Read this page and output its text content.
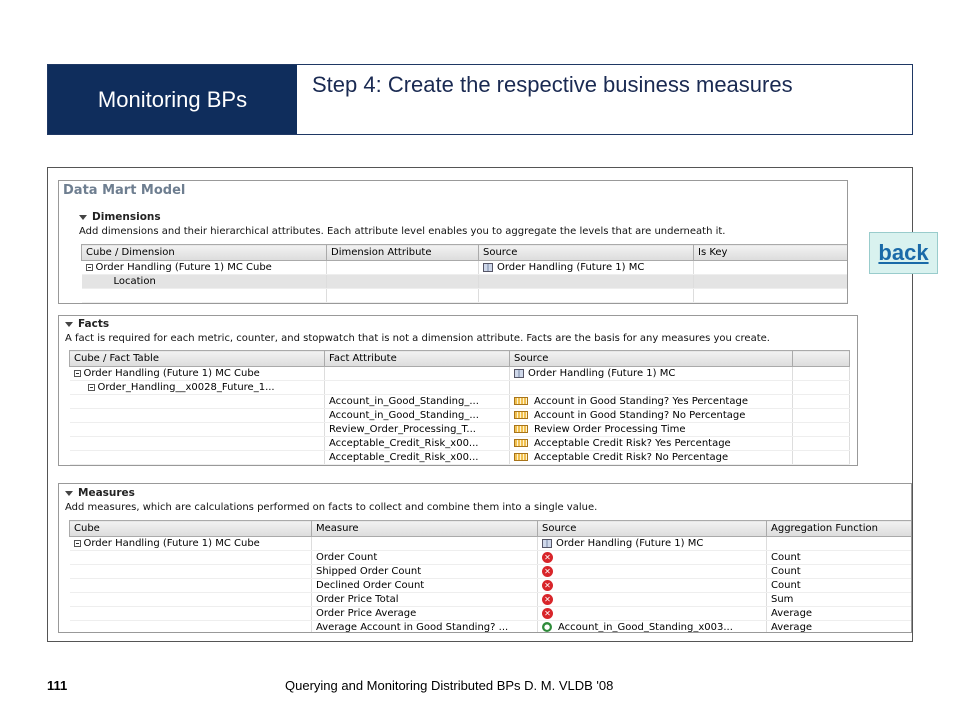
Monitoring BPs
Step 4: Create the respective business measures
Data Mart Model
Dimensions
Add dimensions and their hierarchical attributes. Each attribute level enables you to aggregate the levels that are underneath it.
Cube / Dimension	Dimension Attribute	Source	Is Key
Order Handling (Future 1) MC Cube		Order Handling (Future 1) MC	
Location			

Facts
A fact is required for each metric, counter, and stopwatch that is not a dimension attribute. Facts are the basis for any measures you create.
Cube / Fact Table	Fact Attribute	Source	
Order Handling (Future 1) MC Cube		Order Handling (Future 1) MC	
Order_Handling__x0028_Future_1...			
	Account_in_Good_Standing_...	Account in Good Standing? Yes Percentage	
	Account_in_Good_Standing_...	Account in Good Standing? No Percentage	
	Review_Order_Processing_T...	Review Order Processing Time	
	Acceptable_Credit_Risk_x00...	Acceptable Credit Risk? Yes Percentage	
	Acceptable_Credit_Risk_x00...	Acceptable Credit Risk? No Percentage	
Measures
Add measures, which are calculations performed on facts to collect and combine them into a single value.
Cube	Measure	Source	Aggregation Function
Order Handling (Future 1) MC Cube		Order Handling (Future 1) MC	
	Order Count	✕	Count
	Shipped Order Count	✕	Count
	Declined Order Count	✕	Count
	Order Price Total	✕	Sum
	Order Price Average	✕	Average
	Average Account in Good Standing? ...	● Account_in_Good_Standing_x003...	Average
back
111	Querying and Monitoring Distributed BPs D. M. VLDB '08
